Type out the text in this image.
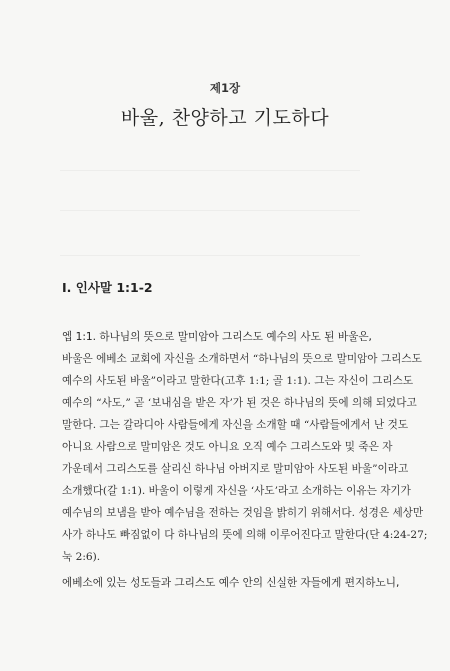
제1장
바울, 찬양하고 기도하다
I. 인사말 1:1-2
엡 1:1. 하나님의 뜻으로 말미암아 그리스도 예수의 사도 된 바울은,
바울은 에베소 교회에 자신을 소개하면서 “하나님의 뜻으로 말미암아 그리스도
예수의 사도된 바울”이라고 말한다(고후 1:1; 골 1:1). 그는 자신이 그리스도
예수의 “사도,” 곧 ‘보내심을 받은 자’가 된 것은 하나님의 뜻에 의해 되었다고
말한다. 그는 갈라디아 사람들에게 자신을 소개할 때 “사람들에게서 난 것도
아니요 사람으로 말미암은 것도 아니요 오직 예수 그리스도와 및 죽은 자
가운데서 그리스도를 살리신 하나님 아버지로 말미암아 사도된 바울”이라고
소개했다(갈 1:1). 바울이 이렇게 자신을 ‘사도’라고 소개하는 이유는 자기가
예수님의 보냄을 받아 예수님을 전하는 것임을 밝히기 위해서다. 성경은 세상만
사가 하나도 빠짐없이 다 하나님의 뜻에 의해 이루어진다고 말한다(단 4:24-27;
눅 2:6).
에베소에 있는 성도들과 그리스도 예수 안의 신실한 자들에게 편지하노니,
